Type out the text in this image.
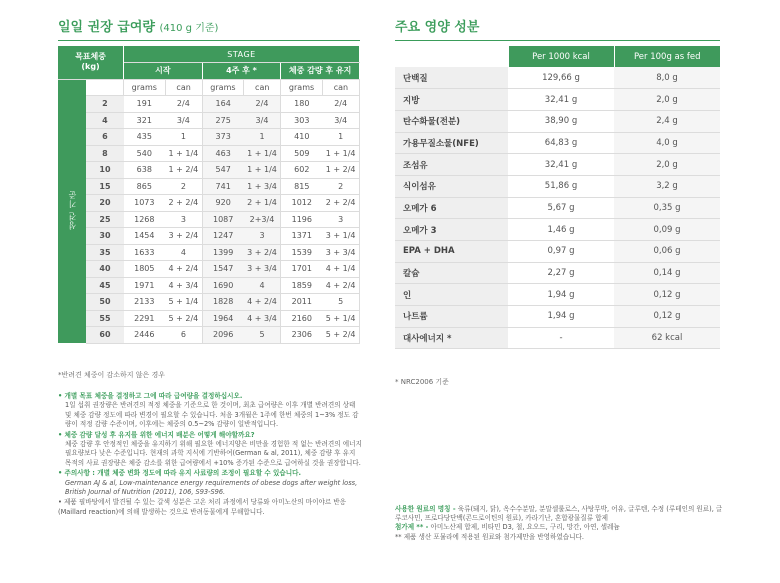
일일 권장 급여량 (410 g 기준)	주요 영양 성분
목표체중
(kg)		STAGE					
		시작		4주 후 *		체중 감량 후 유지	
성견 기준		grams	can	grams	can	grams	can
	2	191	2/4	164	2/4	180	2/4
	4	321	3/4	275	3/4	303	3/4
	6	435	1	373	1	410	1
	8	540	1 + 1/4	463	1 + 1/4	509	1 + 1/4
	10	638	1 + 2/4	547	1 + 1/4	602	1 + 2/4
	15	865	2	741	1 + 3/4	815	2
	20	1073	2 + 2/4	920	2 + 1/4	1012	2 + 2/4
	25	1268	3	1087	2+3/4	1196	3
	30	1454	3 + 2/4	1247	3	1371	3 + 1/4
	35	1633	4	1399	3 + 2/4	1539	3 + 3/4
	40	1805	4 + 2/4	1547	3 + 3/4	1701	4 + 1/4
	45	1971	4 + 3/4	1690	4	1859	4 + 2/4
	50	2133	5 + 1/4	1828	4 + 2/4	2011	5
	55	2291	5 + 2/4	1964	4 + 3/4	2160	5 + 1/4
	60	2446	6	2096	5	2306	5 + 2/4
*반려견 체중이 감소하지 않은 경우
• 개별 목표 체중을 결정하고 그에 따라 급여량을 결정하십시오.
1일 섭취 권장량은 반려견의 적정 체중을 기준으로 한 것이며, 최초 급여량은 이후 개별 반려견의 상태 및 체중 감량 정도에 따라 변경이 필요할 수 있습니다. 처음 3개월은 1주에 한번 체중의 1~3% 정도 감량이 적정 감량 수준이며, 이후에는 체중의 0.5~2% 감량이 일반적입니다.
• 체중 감량 달성 후 유지를 위한 에너지 배분은 어떻게 해야할까요?
체중 감량 후 안정적인 체중을 유지하기 위해 필요한 에너지양은 비만을 경험한 적 없는 반려견의 에너지 필요량보다 낮은 수준입니다. 현재의 과학 지식에 기반하여(German & al, 2011), 체중 감량 후 유지 목적의 사료 권장량은 체중 감소를 위한 급여량에서 +10% 증가된 수준으로 급여하실 것을 권장합니다.
• 주의사항 : 개별 체중 변화 정도에 따라 유지 사료량의 조정이 필요할 수 있습니다.
German AJ & al, Low-maintenance energy requirements of obese dogs after weight loss, British Journal of Nutrition (2011), 106, S93-S96.
• 제품 필바탕에서 발견될 수 있는 갈색 성분은 고온 처리 과정에서 당류와 아미노산의 마이야르 반응(Maillard reaction)에 의해 발생하는 것으로 반려동물에게 무해합니다.
	Per 1000 kcal	Per 100g as fed
단백질	129,66 g	8,0 g
지방	32,41 g	2,0 g
탄수화물(전분)	38,90 g	2,4 g
가용무질소물(NFE)	64,83 g	4,0 g
조섬유	32,41 g	2,0 g
식이섬유	51,86 g	3,2 g
오메가 6	5,67 g	0,35 g
오메가 3	1,46 g	0,09 g
EPA + DHA	0,97 g	0,06 g
칼슘	2,27 g	0,14 g
인	1,94 g	0,12 g
나트륨	1,94 g	0,12 g
대사에너지 *	-	62 kcal
* NRC2006 기준
사용한 원료의 명칭 - 육류(돼지, 닭), 옥수수분말, 분말셀룰로스, 사탕무박, 어유, 글루텐, 수정 (루테인의 원료), 글루코사민, 프로다당단백(콘드로이틴의 원료), 카라기난, 혼합광물질류 합제
첨가제 ** - 아미노산제 합제, 비타민 D3, 철, 요오드, 구리, 망간, 아연, 셀레늄
** 제품 생산 포뮬라에 적용된 원료와 첨가제만을 반영하였습니다.
